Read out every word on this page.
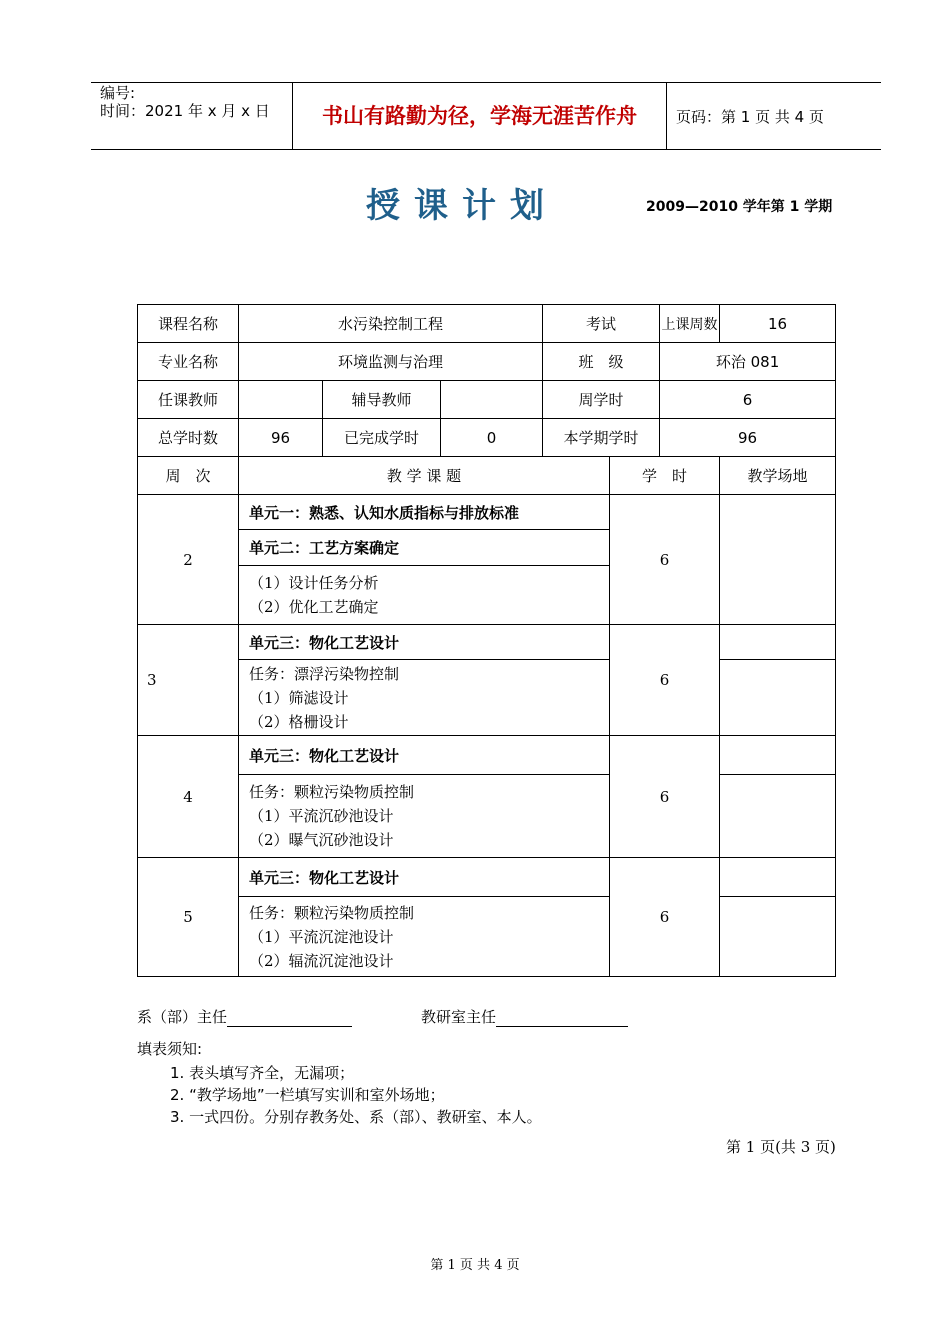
编号:
时间：2021 年 x 月 x 日	书山有路勤为径，学海无涯苦作舟	页码：第 1 页 共 4 页
授课计划	2009—2010 学年第 1 学期
课程名称	水污染控制工程			考试		上课周数	16
专业名称	环境监测与治理			班　级		环治 081	
任课教师		辅导教师		周学时		6	
总学时数	96	已完成学时	0	本学期学时		96	
周　次	教 学 课 题				学　时		教学场地
2	单元一：熟悉、认知水质指标与排放标准				6		
	单元二：工艺方案确定						

	（1）设计任务分析
（2）优化工艺确定						

3	单元三：物化工艺设计				6		

	任务：漂浮污染物控制
（1）筛滤设计
（2）格栅设计						

4	单元三：物化工艺设计				6		

	任务：颗粒污染物质控制
（1）平流沉砂池设计
（2）曝气沉砂池设计						

5	单元三：物化工艺设计				6		

	任务：颗粒污染物质控制
（1）平流沉淀池设计
（2）辐流沉淀池设计						

系（部）主任	教研室主任
填表须知:
1. 表头填写齐全，无漏项；
2. “教学场地”一栏填写实训和室外场地；
3. 一式四份。分别存教务处、系（部）、教研室、本人。
第 1 页(共 3 页)
第 1 页 共 4 页
